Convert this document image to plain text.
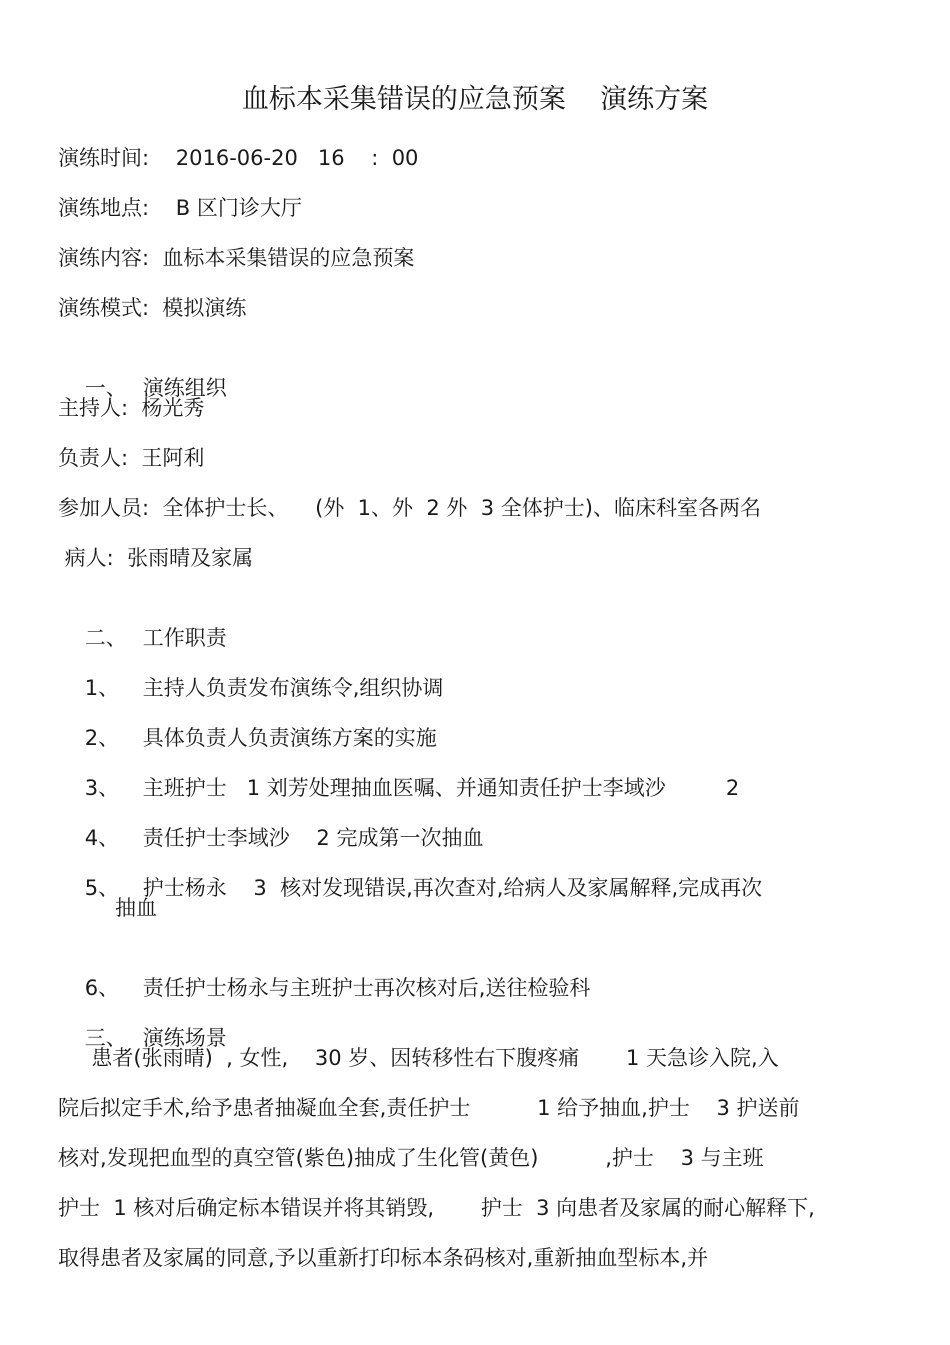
血标本采集错误的应急预案    演练方案
演练时间:    2016-06-20   16    :  00
演练地点:    B 区门诊大厅
演练内容:  血标本采集错误的应急预案
演练模式:  模拟演练

一、 演练组织

主持人:  杨光秀
负责人:  王阿利
参加人员:  全体护士长、    (外  1、外  2 外  3 全体护士)、临床科室各两名
病人:  张雨晴及家属

二、 工作职责

1、 主持人负责发布演练令,组织协调

2、 具体负责人负责演练方案的实施

3、 主班护士   1 刘芳处理抽血医嘱、并通知责任护士李域沙         2

4、 责任护士李域沙    2 完成第一次抽血

5、 护士杨永    3  核对发现错误,再次查对,给病人及家属解释,完成再次

抽血

6、 责任护士杨永与主班护士再次核对后,送往检验科

三、 演练场景

患者(张雨晴)  , 女性,    30 岁、因转移性右下腹疼痛       1 天急诊入院,入
院后拟定手术,给予患者抽凝血全套,责任护士          1 给予抽血,护士    3 护送前
核对,发现把血型的真空管(紫色)抽成了生化管(黄色)          ,护士    3 与主班
护士  1 核对后确定标本错误并将其销毁,       护士  3 向患者及家属的耐心解释下,
取得患者及家属的同意,予以重新打印标本条码核对,重新抽血型标本,并
